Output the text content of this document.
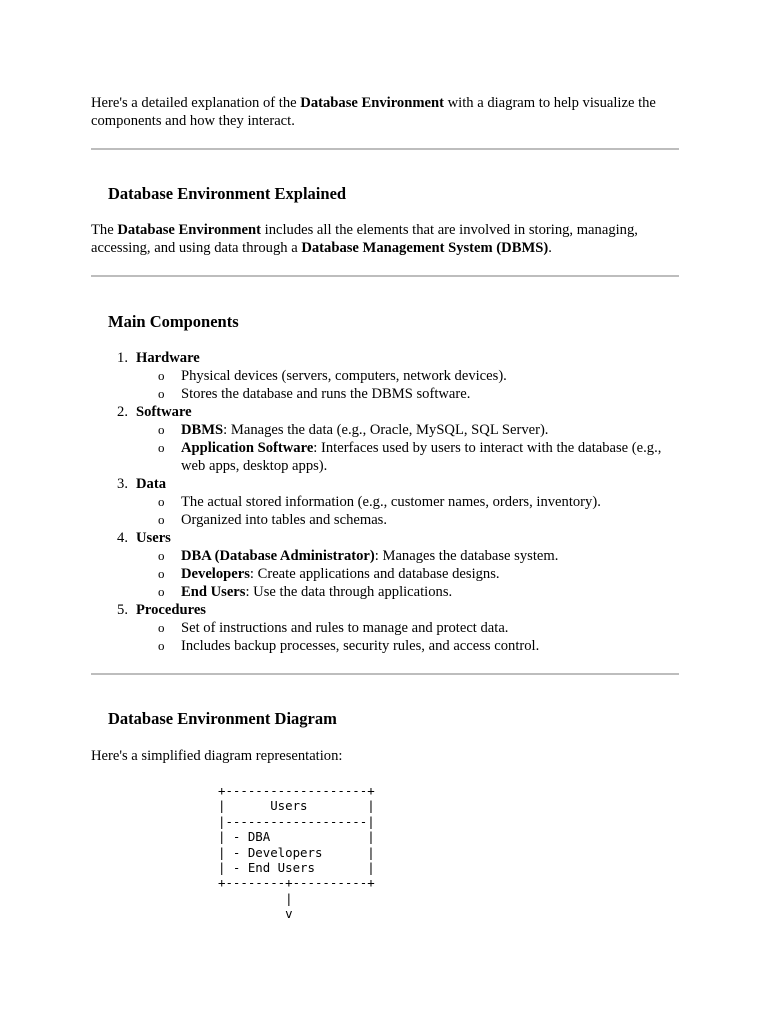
Here's a detailed explanation of the Database Environment with a diagram to help visualize the components and how they interact.

Database Environment Explained

The Database Environment includes all the elements that are involved in storing, managing, accessing, and using data through a Database Management System (DBMS).

Main Components
1. Hardware
o Physical devices (servers, computers, network devices).
o Stores the database and runs the DBMS software.
2. Software
o DBMS: Manages the data (e.g., Oracle, MySQL, SQL Server).
o Application Software: Interfaces used by users to interact with the database (e.g., web apps, desktop apps).
3. Data
o The actual stored information (e.g., customer names, orders, inventory).
o Organized into tables and schemas.
4. Users
o DBA (Database Administrator): Manages the database system.
o Developers: Create applications and database designs.
o End Users: Use the data through applications.
5. Procedures
o Set of instructions and rules to manage and protect data.
o Includes backup processes, security rules, and access control.
Database Environment Diagram

Here's a simplified diagram representation:

+-------------------+
|      Users        |
|-------------------|
| - DBA             |
| - Developers      |
| - End Users       |
+--------+----------+
|
v
